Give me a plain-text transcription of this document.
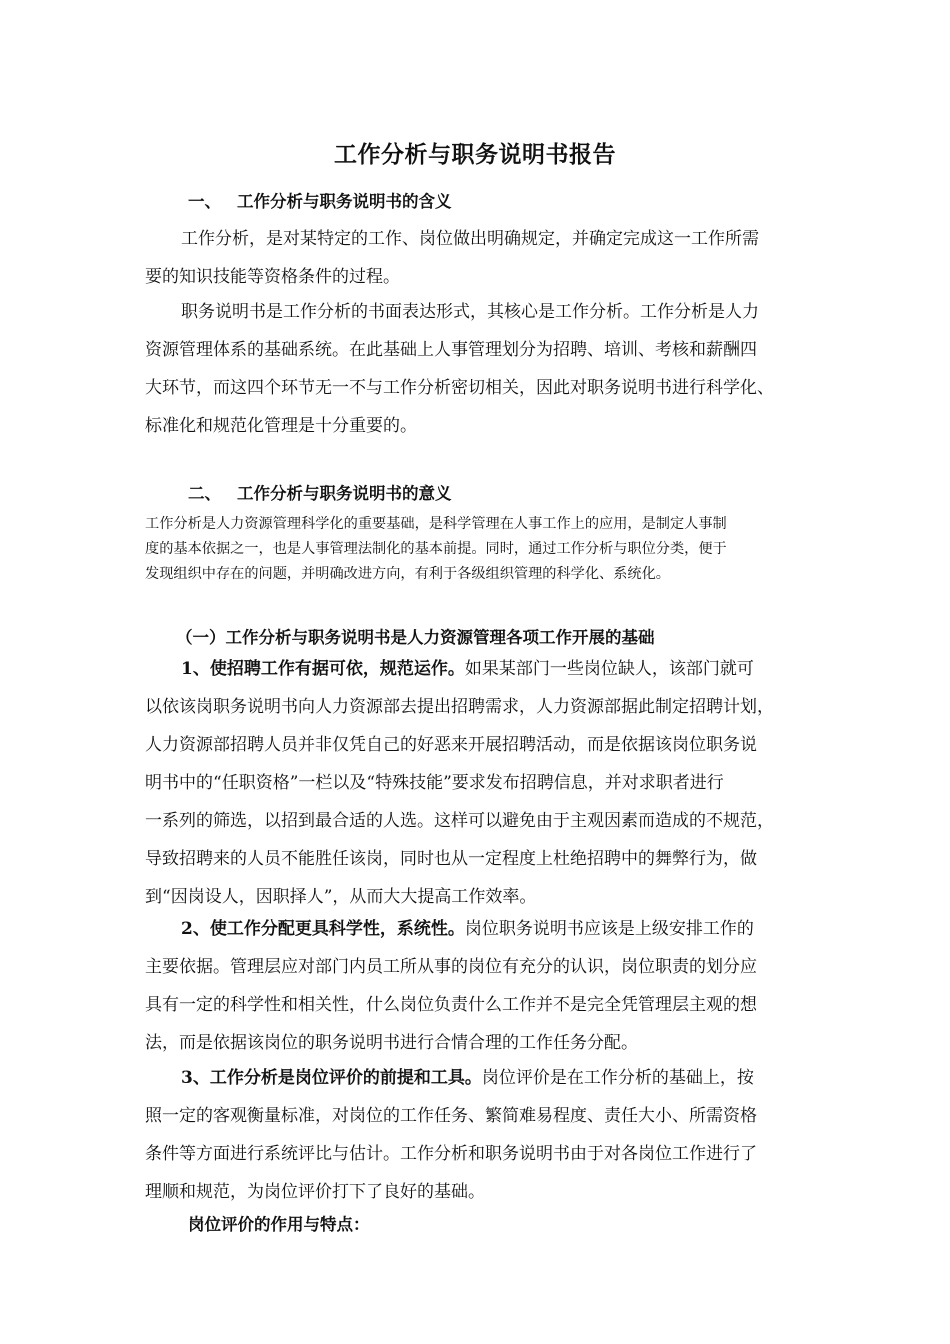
工作分析与职务说明书报告
一、 工作分析与职务说明书的含义
工作分析，是对某特定的工作、岗位做出明确规定，并确定完成这一工作所需
要的知识技能等资格条件的过程。
职务说明书是工作分析的书面表达形式，其核心是工作分析。工作分析是人力
资源管理体系的基础系统。在此基础上人事管理划分为招聘、培训、考核和薪酬四
大环节，而这四个环节无一不与工作分析密切相关，因此对职务说明书进行科学化、
标准化和规范化管理是十分重要的。
二、 工作分析与职务说明书的意义
工作分析是人力资源管理科学化的重要基础，是科学管理在人事工作上的应用，是制定人事制
度的基本依据之一，也是人事管理法制化的基本前提。同时，通过工作分析与职位分类，便于
发现组织中存在的问题，并明确改进方向，有利于各级组织管理的科学化、系统化。
（一）工作分析与职务说明书是人力资源管理各项工作开展的基础
1、使招聘工作有据可依，规范运作。如果某部门一些岗位缺人，该部门就可
以依该岗职务说明书向人力资源部去提出招聘需求，人力资源部据此制定招聘计划，
人力资源部招聘人员并非仅凭自己的好恶来开展招聘活动，而是依据该岗位职务说
明书中的“任职资格”一栏以及“特殊技能”要求发布招聘信息，并对求职者进行
一系列的筛选，以招到最合适的人选。这样可以避免由于主观因素而造成的不规范，
导致招聘来的人员不能胜任该岗，同时也从一定程度上杜绝招聘中的舞弊行为，做
到“因岗设人，因职择人”，从而大大提高工作效率。
2、使工作分配更具科学性，系统性。岗位职务说明书应该是上级安排工作的
主要依据。管理层应对部门内员工所从事的岗位有充分的认识，岗位职责的划分应
具有一定的科学性和相关性，什么岗位负责什么工作并不是完全凭管理层主观的想
法，而是依据该岗位的职务说明书进行合情合理的工作任务分配。
3、工作分析是岗位评价的前提和工具。岗位评价是在工作分析的基础上，按
照一定的客观衡量标准，对岗位的工作任务、繁简难易程度、责任大小、所需资格
条件等方面进行系统评比与估计。工作分析和职务说明书由于对各岗位工作进行了
理顺和规范，为岗位评价打下了良好的基础。
岗位评价的作用与特点：
